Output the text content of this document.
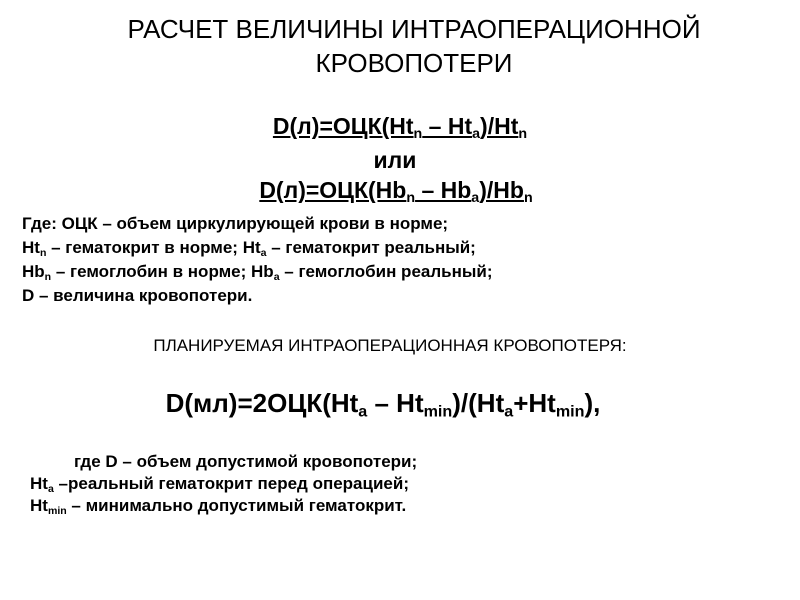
РАСЧЕТ ВЕЛИЧИНЫ ИНТРАОПЕРАЦИОННОЙ
КРОВОПОТЕРИ
$D(л)=ОЦК(Ht_n - Ht_a)/Ht_n$
или
$D(л)=ОЦК(Hb_n - Hb_a)/Hb_n$
Где: ОЦК – объем циркулирующей крови в норме;
$Ht_n$ – гематокрит в норме; $Ht_a$ – гематокрит реальный;
$Hb_n$ – гемоглобин в норме; $Hb_a$ – гемоглобин реальный;
D – величина кровопотери.
ПЛАНИРУЕМАЯ ИНТРАОПЕРАЦИОННАЯ КРОВОПОТЕРЯ:
$D(мл)=2ОЦК(Ht_a - Ht_{min})/(Ht_a+Ht_{min})$,
где D – объем допустимой кровопотери;
$Ht_a$ –реальный гематокрит перед операцией;
$Ht_{min}$ – минимально допустимый гематокрит.
